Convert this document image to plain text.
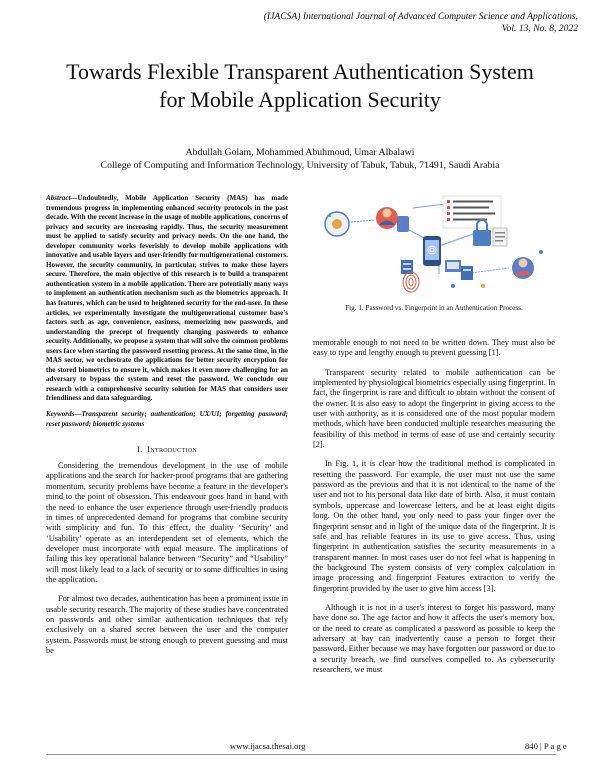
(IJACSA) International Journal of Advanced Computer Science and Applications,
Vol. 13, No. 8, 2022
Towards Flexible Transparent Authentication System
for Mobile Application Security
Abdullah Golam, Mohammed Abuhmoud, Umar Albalawi
College of Computing and Information Technology, University of Tabuk, Tabuk, 71491, Saudi Arabia

Abstract—Undoubtedly, Mobile Application Security (MAS) has made tremendous progress in implementing enhanced security protocols in the past decade. With the recent increase in the usage of mobile applications, concerns of privacy and security are increasing rapidly. Thus, the security measurement must be applied to satisfy security and privacy needs. On the one hand, the developer community works feverishly to develop mobile applications with innovative and usable layers and user-friendly for multigenerational customers. However, the security community, in particular, strives to make those layers secure. Therefore, the main objective of this research is to build a transparent authentication system in a mobile application. There are potentially many ways to implement an authentication mechanism such as the biometrics approach. It has features, which can be used to heightened security for the end-user. In these articles, we experimentally investigate the multigenerational customer base's factors such as age, convenience, easiness, memorizing new passwords, and understanding the precept of frequently changing passwords to enhance security. Additionally, we propose a system that will solve the common problems users face when starting the password resetting process. At the same time, in the MAS sector, we orchestrate the applications for better security encryption for the stored biometrics to ensure it, which makes it even more challenging for an adversary to bypass the system and reset the password. We conclude our research with a comprehensive security solution for MAS that considers user friendliness and data safeguarding.

Keywords—Transparent security; authentication; UX/UI; forgetting password; reset password; biometric systems

I. Introduction

Considering the tremendous development in the use of mobile applications and the search for hacker-proof programs that are gathering momentum, security problems have become a feature in the developer's mind to the point of obsession. This endeavour goes hand in hand with the need to enhance the user experience through user-friendly products in times of unprecedented demand for programs that combine security with simplicity and fun. To this effect, the duality ‘Security’ and ‘Usability’ operate as an interdependent set of elements, which the developer must incorporate with equal measure. The implications of failing this key operational balance between “Security” and “Usability” will most likely lead to a lack of security or to some difficulties in using the application.

For almost two decades, authentication has been a prominent issue in usable security research. The majority of these studies have concentrated on passwords and other similar authentication techniques that rely exclusively on a shared secret between the user and the computer system. Passwords must be strong enough to prevent guessing and must be

Fig. 1. Password vs. Fingerprint in an Authentication Process.

memorable enough to not need to be written down. They must also be easy to type and lengthy enough to prevent guessing [1].

Transparent security related to mobile authentication can be implemented by physiological biometrics especially using fingerprint. In fact, the fingerprint is rare and difficult to obtain without the consent of the owner. It is also easy to adopt the fingerprint in giving access to the user with authority, as it is considered one of the most popular modern methods, which have been conducted multiple researches measuring the feasibility of this method in terms of ease of use and certainly security [2].

In Fig. 1, it is clear how the traditional method is complicated in resetting the password. For example, the user must not use the same password as the previous and that it is not identical to the name of the user and not to his personal data like date of birth. Also, it must contain symbols, uppercase and lowercase letters, and be at least eight digits long. On the other hand, you only need to pass your finger over the fingerprint sensor and in light of the unique data of the fingerprint. It is safe and has reliable features in its use to give access. Thus, using fingerprint in authentication satisfies the security measurements in a transparent manner. In most cases user do not feel what is happening in the background The system consists of very complex calculation in image processing and fingerprint Features extraction to verify the fingerprint provided by the user to give him access [3].

Although it is not in a user's interest to forget his password, many have done so. The age factor and how it affects the user's memory box, or the need to create as complicated a password as possible to keep the adversary at bay can inadvertently cause a person to forget their password. Either because we may have forgotten our password or due to a security breach, we find ourselves compelled to. As cybersecurity researchers, we must

www.ijacsa.thesai.org	840 | P a g e
